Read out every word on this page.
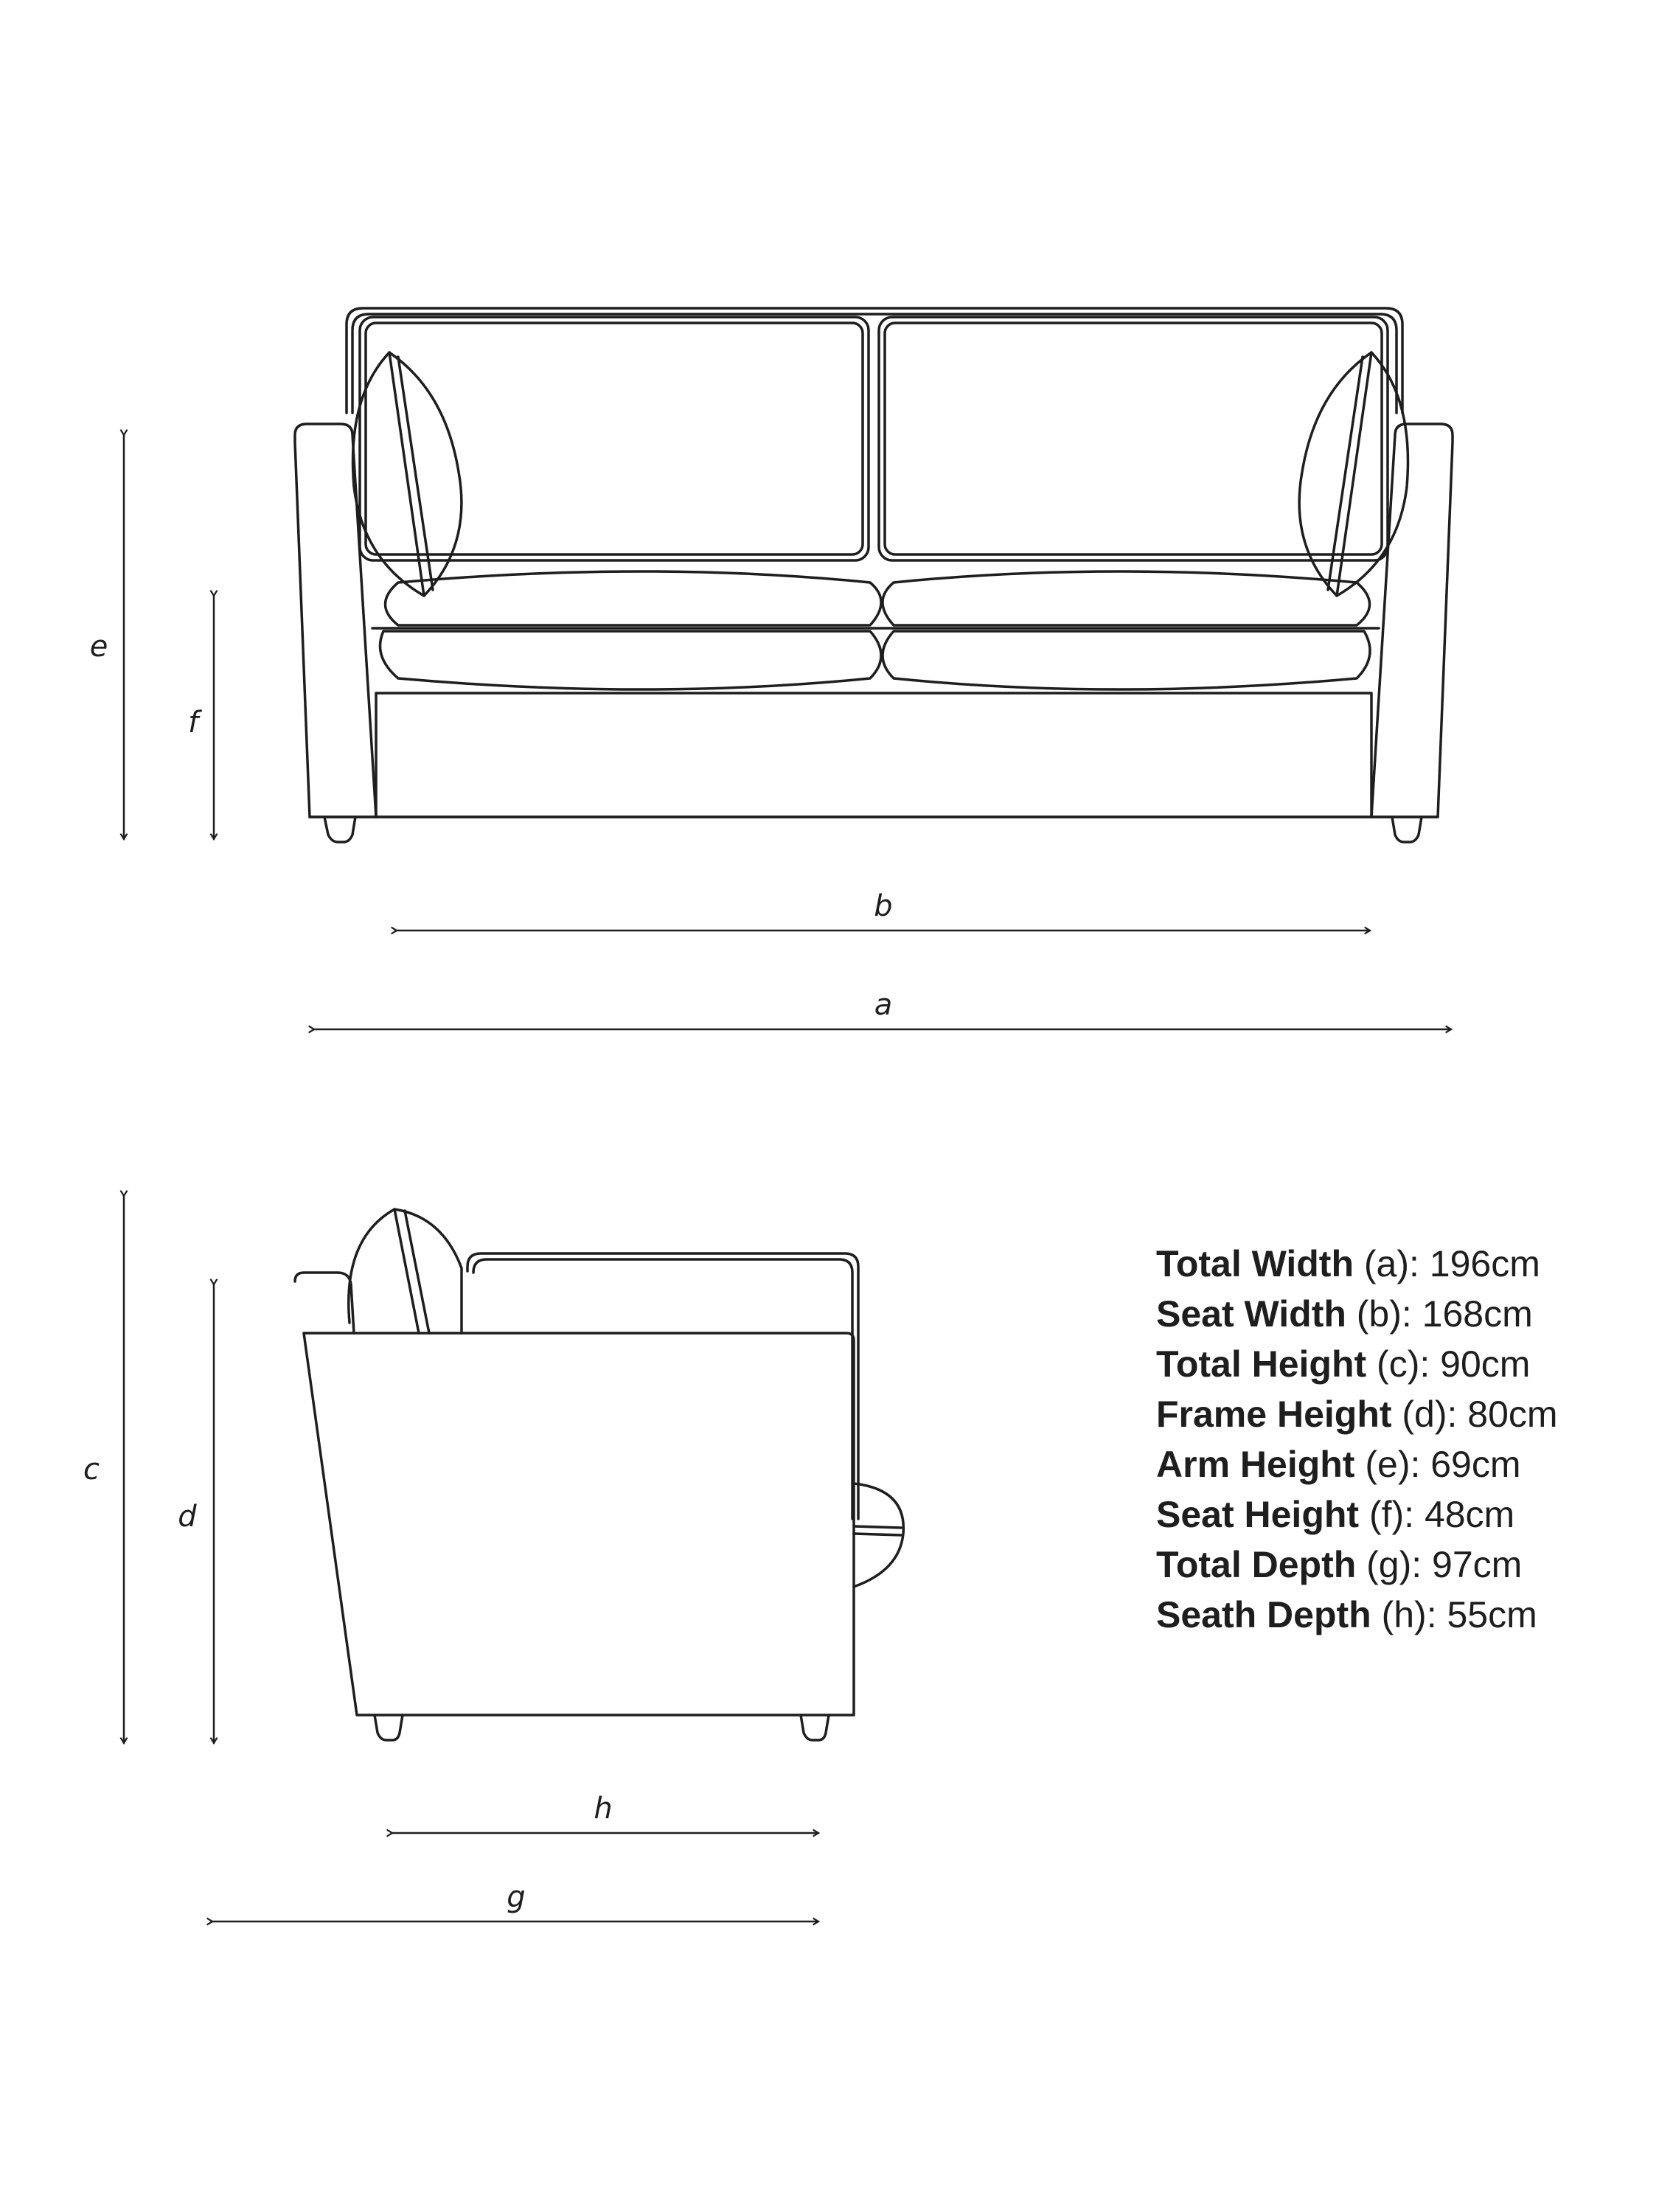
e
f
b
a
c
d
h
g
Total Width (a): 196cm
Seat Width (b): 168cm
Total Height (c): 90cm
Frame Height (d): 80cm
Arm Height (e): 69cm
Seat Height (f): 48cm
Total Depth (g): 97cm
Seath Depth (h): 55cm
